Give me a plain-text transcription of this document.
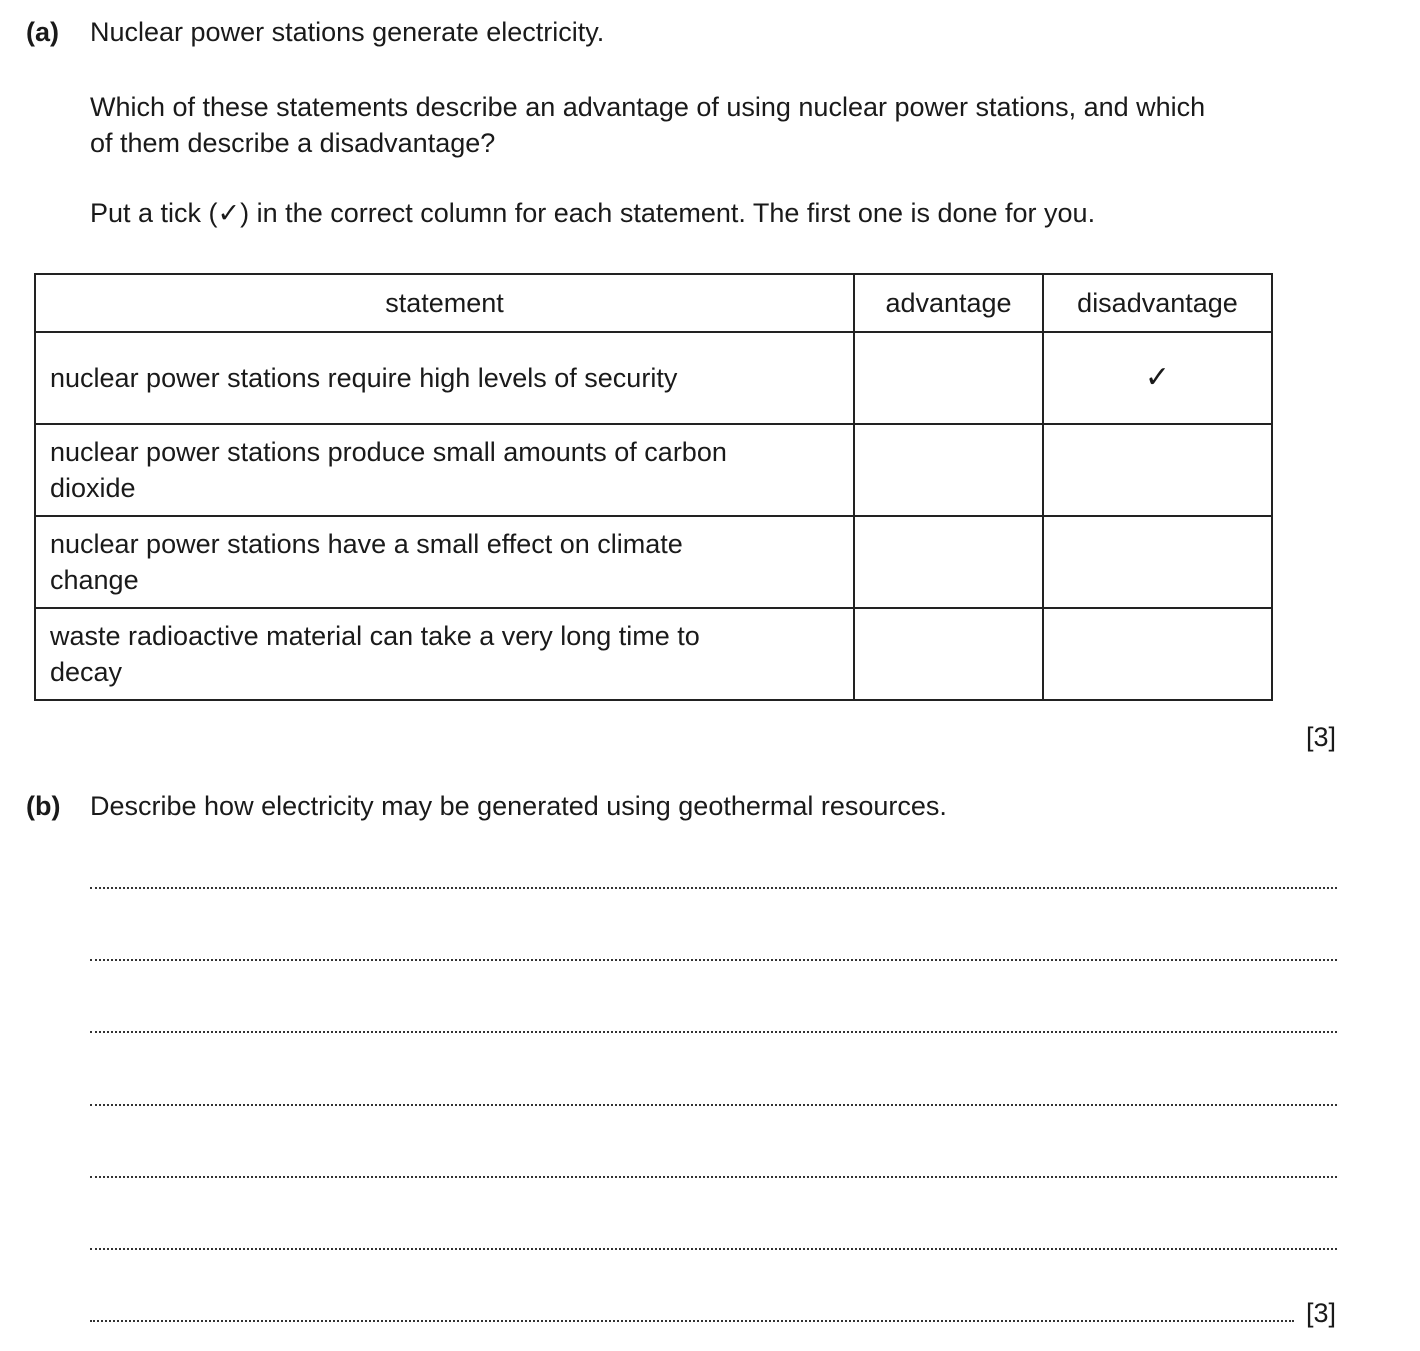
(a) Nuclear power stations generate electricity.
Which of these statements describe an advantage of using nuclear power stations, and which
of them describe a disadvantage?
Put a tick (✓) in the correct column for each statement. The first one is done for you.
statement	advantage	disadvantage

nuclear power stations require high levels of security		✓

nuclear power stations produce small amounts of carbon
dioxide		

nuclear power stations have a small effect on climate
change		

waste radioactive material can take a very long time to
decay		

[3]
(b) Describe how electricity may be generated using geothermal resources.
[3]
